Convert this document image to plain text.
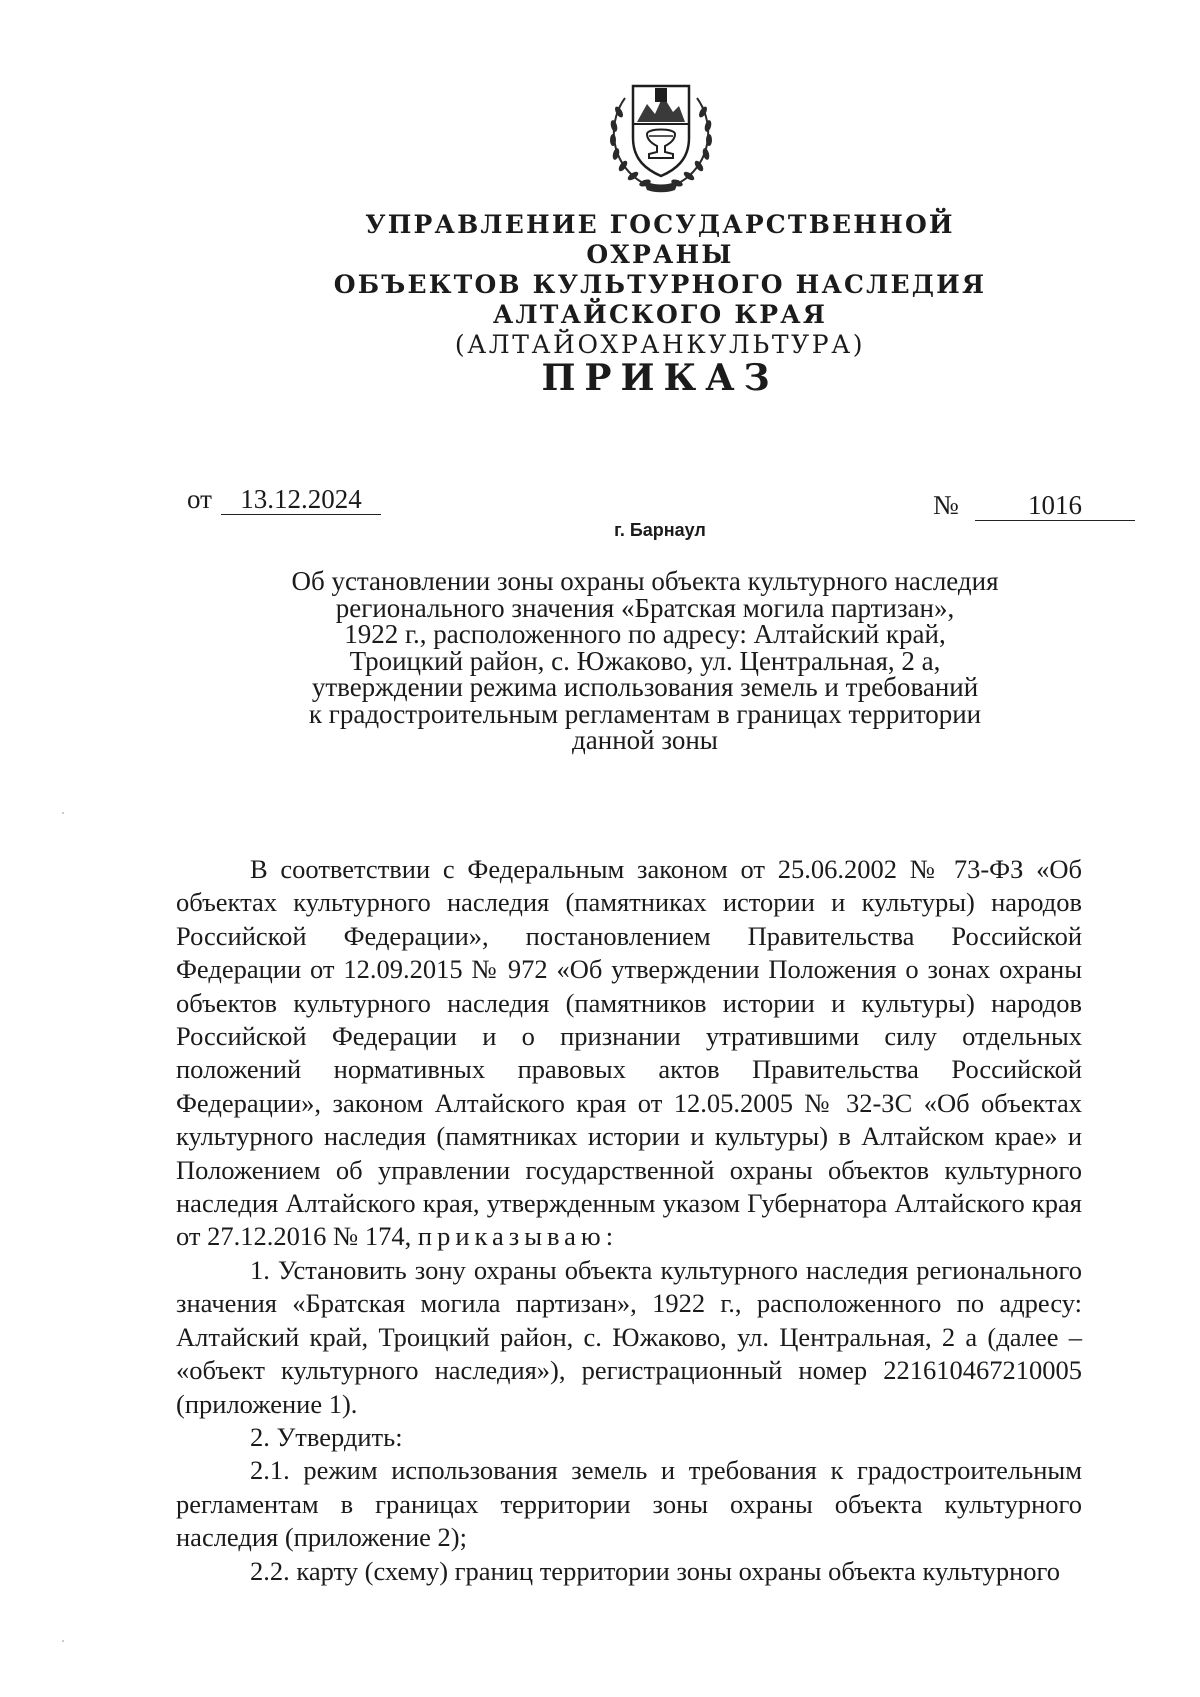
УПРАВЛЕНИЕ ГОСУДАРСТВЕННОЙ ОХРАНЫ
ОБЪЕКТОВ КУЛЬТУРНОГО НАСЛЕДИЯ
АЛТАЙСКОГО КРАЯ
(АЛТАЙОХРАНКУЛЬТУРА)
ПРИКАЗ
от	13.12.2024	№	1016
г. Барнаул
Об установлении зоны охраны объекта культурного наследия
регионального значения «Братская могила партизан»,
1922 г., расположенного по адресу: Алтайский край,
Троицкий район, с. Южаково, ул. Центральная, 2 а,
утверждении режима использования земель и требований
к градостроительным регламентам в границах территории
данной зоны

В соответствии с Федеральным законом от 25.06.2002 № 73-ФЗ «Об объектах культурного наследия (памятниках истории и культуры) народов Российской Федерации», постановлением Правительства Российской Федерации от 12.09.2015 № 972 «Об утверждении Положения о зонах охраны объектов культурного наследия (памятников истории и культуры) народов Российской Федерации и о признании утратившими силу отдельных положений нормативных правовых актов Правительства Российской Федерации», законом Алтайского края от 12.05.2005 № 32-ЗС «Об объектах культурного наследия (памятниках истории и культуры) в Алтайском крае» и Положением об управлении государственной охраны объектов культурного наследия Алтайского края, утвержденным указом Губернатора Алтайского края от 27.12.2016 № 174, приказываю:

1. Установить зону охраны объекта культурного наследия регионального значения «Братская могила партизан», 1922 г., расположенного по адресу: Алтайский край, Троицкий район, с. Южаково, ул. Центральная, 2 а (далее – «объект культурного наследия»), регистрационный номер 221610467210005 (приложение 1).

2. Утвердить:

2.1. режим использования земель и требования к градостроительным регламентам в границах территории зоны охраны объекта культурного наследия (приложение 2);

2.2. карту (схему) границ территории зоны охраны объекта культурного
